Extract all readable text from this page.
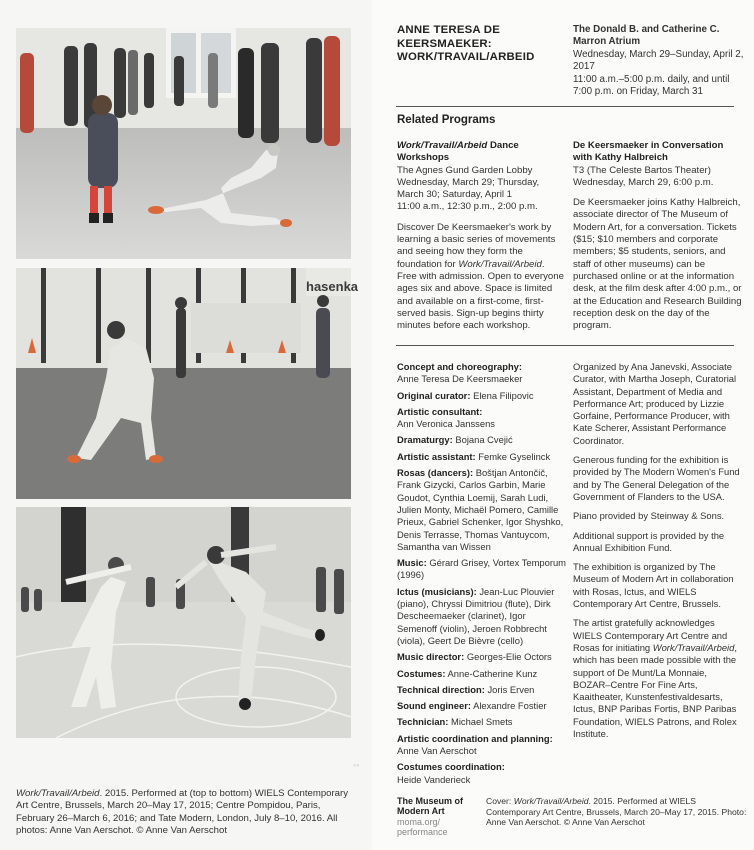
hasenka
◦◦
Work/Travail/Arbeid. 2015. Performed at (top to bottom) WIELS Contemporary Art Centre, Brussels, March 20–May 17, 2015; Centre Pompidou, Paris, February 26–March 6, 2016; and Tate Modern, London, July 8–10, 2016. All photos: Anne Van Aerschot. © Anne Van Aerschot
ANNE TERESA DE KEERSMAEKER: WORK/TRAVAIL/ARBEID
The Donald B. and Catherine C. Marron Atrium
Wednesday, March 29–Sunday, April 2, 2017
11:00 a.m.–5:00 p.m. daily, and until 7:00 p.m. on Friday, March 31
Related Programs

Work/Travail/Arbeid Dance Workshops
The Agnes Gund Garden Lobby
Wednesday, March 29; Thursday, March 30; Saturday, April 1
11:00 a.m., 12:30 p.m., 2:00 p.m.

Discover De Keersmaeker's work by learning a basic series of movements and seeing how they form the foundation for Work/Travail/Arbeid. Free with admission. Open to everyone ages six and above. Space is limited and available on a first-come, first-served basis. Sign-up begins thirty minutes before each workshop.

De Keersmaeker in Conversation with Kathy Halbreich
T3 (The Celeste Bartos Theater)
Wednesday, March 29, 6:00 p.m.

De Keersmaeker joins Kathy Halbreich, associate director of The Museum of Modern Art, for a conversation. Tickets ($15; $10 members and corporate members; $5 students, seniors, and staff of other museums) can be purchased online or at the information desk, at the film desk after 4:00 p.m., or at the Education and Research Building reception desk on the day of the program.

Concept and choreography:
Anne Teresa De Keersmaeker
Original curator: Elena Filipovic
Artistic consultant:
Ann Veronica Janssens
Dramaturgy: Bojana Cvejić
Artistic assistant: Femke Gyselinck
Rosas (dancers): Boštjan Antončič, Frank Gizycki, Carlos Garbin, Marie Goudot, Cynthia Loemij, Sarah Ludi, Julien Monty, Michaël Pomero, Camille Prieux, Gabriel Schenker, Igor Shyshko, Denis Terrasse, Thomas Vantuycom, Samantha van Wissen
Music: Gérard Grisey, Vortex Temporum (1996)
Ictus (musicians): Jean-Luc Plouvier (piano), Chryssi Dimitriou (flute), Dirk Descheemaeker (clarinet), Igor Semenoff (violin), Jeroen Robbrecht (viola), Geert De Bièvre (cello)
Music director: Georges-Elie Octors
Costumes: Anne-Catherine Kunz
Technical direction: Joris Erven
Sound engineer: Alexandre Fostier
Technician: Michael Smets
Artistic coordination and planning:
Anne Van Aerschot
Costumes coordination:
Heide Vanderieck

Organized by Ana Janevski, Associate Curator, with Martha Joseph, Curatorial Assistant, Department of Media and Performance Art; produced by Lizzie Gorfaine, Performance Producer, with Kate Scherer, Assistant Performance Coordinator.

Generous funding for the exhibition is provided by The Modern Women's Fund and by The General Delegation of the Government of Flanders to the USA.

Piano provided by Steinway & Sons.

Additional support is provided by the Annual Exhibition Fund.

The exhibition is organized by The Museum of Modern Art in collaboration with Rosas, Ictus, and WIELS Contemporary Art Centre, Brussels.

The artist gratefully acknowledges WIELS Contemporary Art Centre and Rosas for initiating Work/Travail/Arbeid, which has been made possible with the support of De Munt/La Monnaie, BOZAR–Centre For Fine Arts, Kaaitheater, Kunstenfestivaldesarts, Ictus, BNP Paribas Fortis, BNP Paribas Foundation, WIELS Patrons, and Rolex Institute.

The Museum of
Modern Art
moma.org/
performance
Cover: Work/Travail/Arbeid. 2015. Performed at WIELS Contemporary Art Centre, Brussels, March 20–May 17, 2015. Photo: Anne Van Aerschot. © Anne Van Aerschot
